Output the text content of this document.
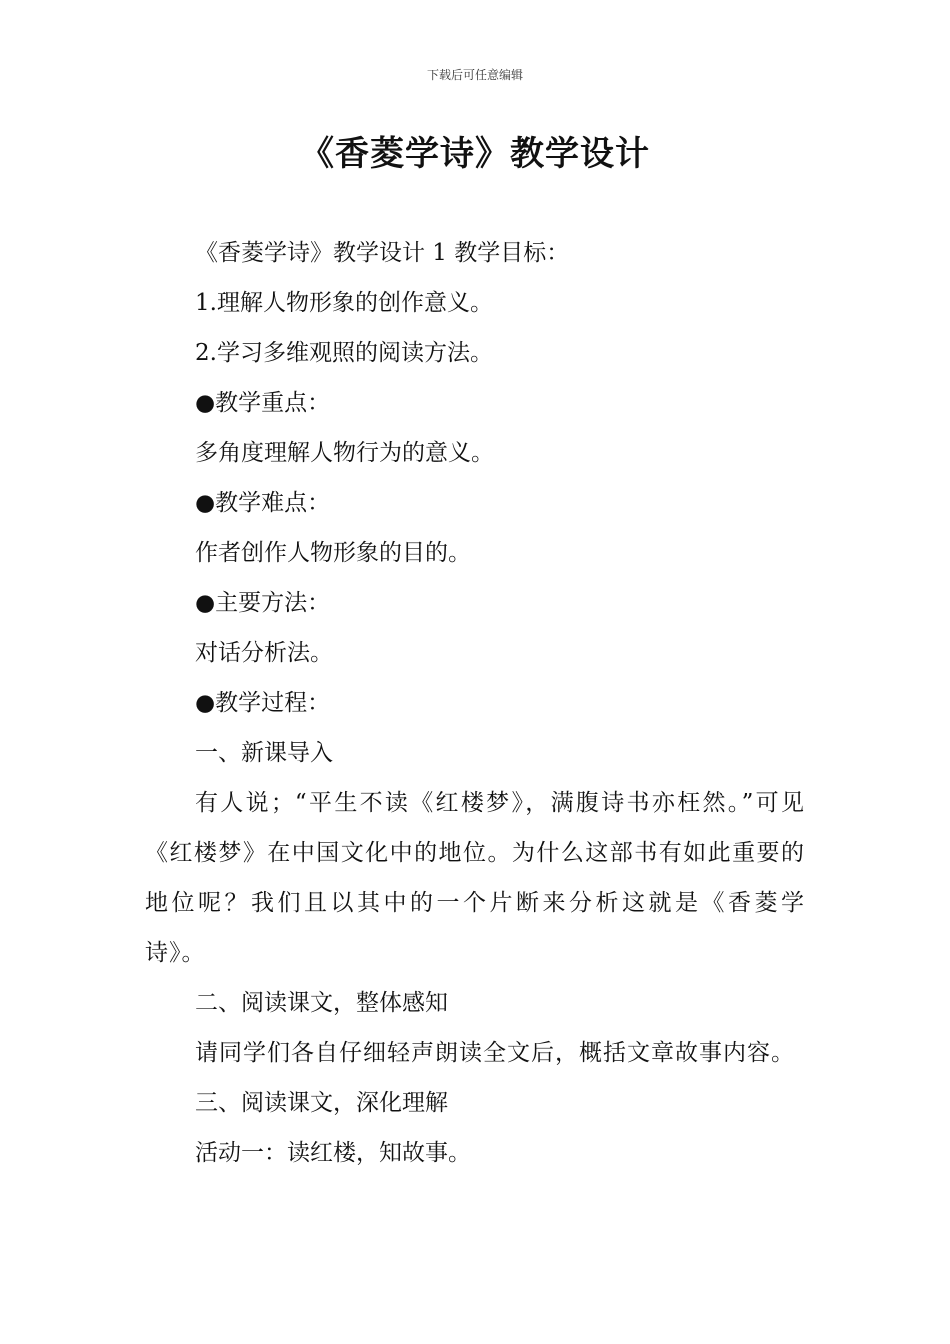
下载后可任意编辑
《香菱学诗》教学设计

《香菱学诗》教学设计 1 教学目标：

1.理解人物形象的创作意义。

2.学习多维观照的阅读方法。

●教学重点：

多角度理解人物行为的意义。

●教学难点：

作者创作人物形象的目的。

●主要方法：

对话分析法。

●教学过程：

一、新课导入

有人说；“平生不读《红楼梦》，满腹诗书亦枉然。”可见《红楼梦》在中国文化中的地位。为什么这部书有如此重要的地位呢？我们且以其中的一个片断来分析这就是《香菱学诗》。

二、阅读课文，整体感知

请同学们各自仔细轻声朗读全文后，概括文章故事内容。

三、阅读课文，深化理解

活动一：读红楼，知故事。
